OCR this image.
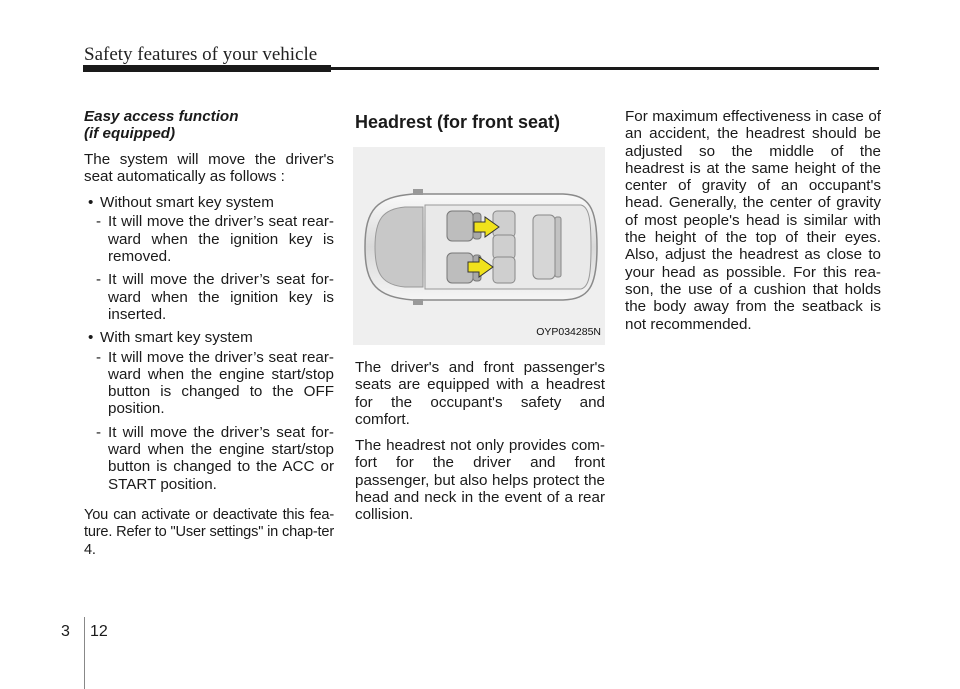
Safety features of your vehicle
Easy access function
(if equipped)

The system will move the driver's seat automatically as follows :

• Without smart key system
- It will move the driver’s seat rear-ward when the ignition key is removed.
- It will move the driver’s seat for-ward when the ignition key is inserted.
• With smart key system
- It will move the driver’s seat rear-ward when the engine start/stop button is changed to the OFF position.
- It will move the driver’s seat for-ward when the engine start/stop button is changed to the ACC or START position.

You can activate or deactivate this fea-ture. Refer to "User settings" in chap-ter 4.

Headrest (for front seat)
OYP034285N

The driver's and front passenger's seats are equipped with a headrest for the occupant's safety and comfort.

The headrest not only provides com-fort for the driver and front passenger, but also helps protect the head and neck in the event of a rear collision.

For maximum effectiveness in case of an accident, the headrest should be adjusted so the middle of the headrest is at the same height of the center of gravity of an occupant's head. Generally, the center of gravity of most people's head is similar with the height of the top of their eyes. Also, adjust the headrest as close to your head as possible. For this rea-son, the use of a cushion that holds the body away from the seatback is not recommended.

3 12
